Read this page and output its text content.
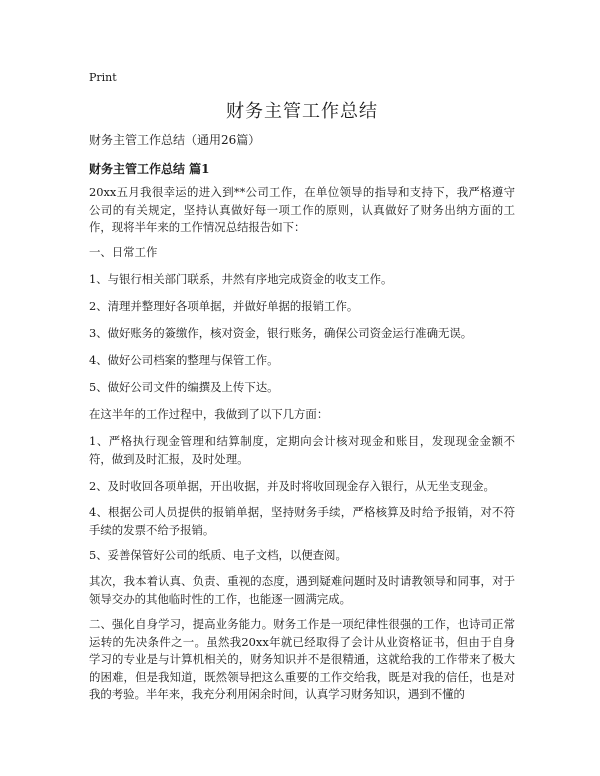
Print
财务主管工作总结
财务主管工作总结（通用26篇）
财务主管工作总结 篇1

20xx五月我很幸运的进入到**公司工作，在单位领导的指导和支持下，我严格遵守公司的有关规定，坚持认真做好每一项工作的原则，认真做好了财务出纳方面的工作，现将半年来的工作情况总结报告如下：

一、日常工作

1、与银行相关部门联系，井然有序地完成资金的收支工作。

2、清理并整理好各项单据，并做好单据的报销工作。

3、做好账务的簽缴作，核对资金，银行账务，确保公司资金运行准确无误。

4、做好公司档案的整理与保管工作。

5、做好公司文件的编撰及上传下达。

在这半年的工作过程中，我做到了以下几方面：

1、严格执行现金管理和结算制度，定期向会计核对现金和账目，发现现金金额不符，做到及时汇报，及时处理。

2、及时收回各项单据，开出收据，并及时将收回现金存入银行，从无坐支现金。

4、根据公司人员提供的报销单据，坚持财务手续，严格核算及时给予报销，对不符手续的发票不给予报销。

5、妥善保管好公司的纸质、电子文档，以便查阅。

其次，我本着认真、负责、重视的态度，遇到疑难问题时及时请教领导和同事，对于领导交办的其他临时性的工作，也能逐一圆满完成。

二、强化自身学习，提高业务能力。财务工作是一项纪律性很强的工作，也诗司正常运转的先决条件之一。虽然我20xx年就已经取得了会计从业资格证书，但由于自身学习的专业是与计算机相关的，财务知识并不是很精通，这就给我的工作带来了极大的困难，但是我知道，既然领导把这么重要的工作交给我，既是对我的信任，也是对我的考验。半年来，我充分利用闲余时间，认真学习财务知识，遇到不懂的
